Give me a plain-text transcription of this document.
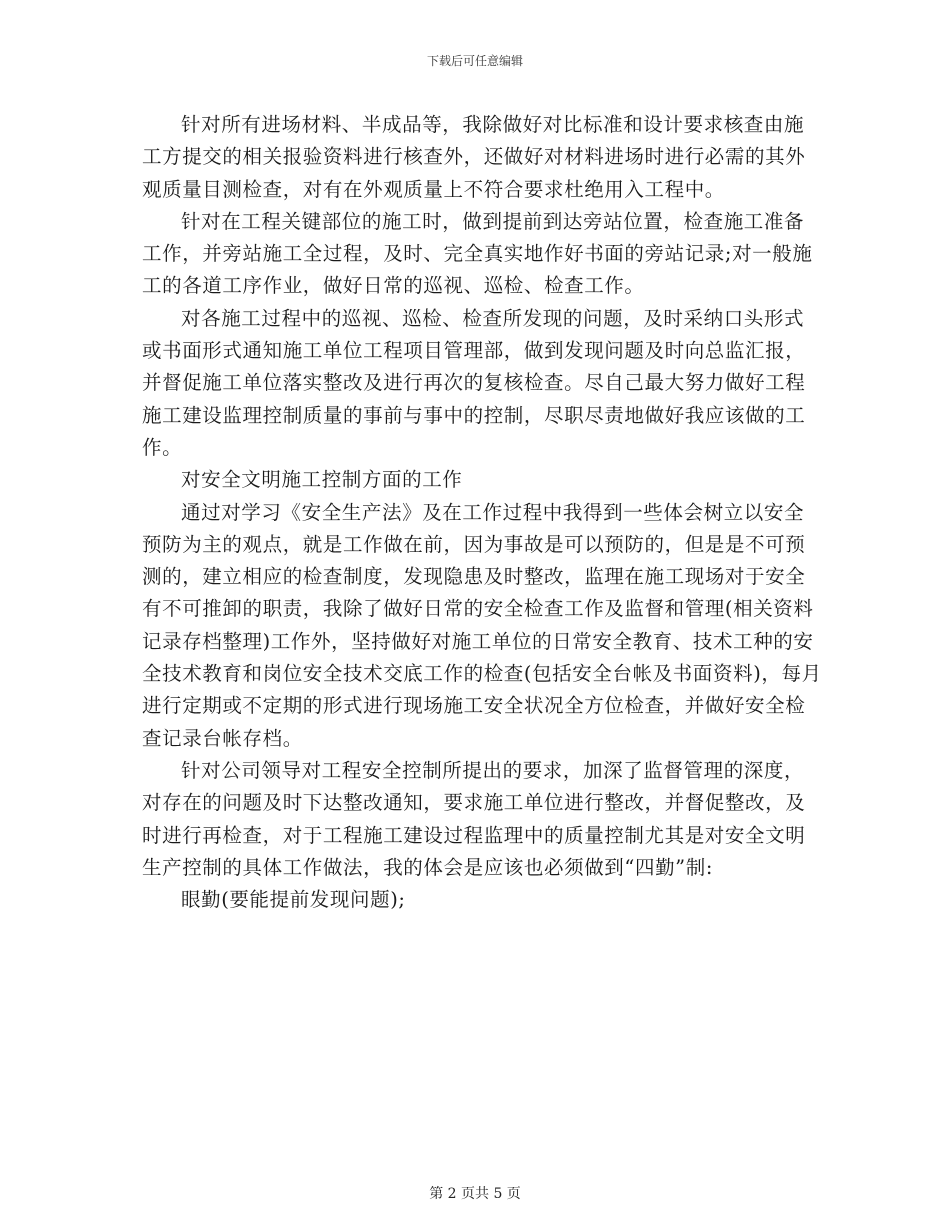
下载后可任意编辑

针对所有进场材料、半成品等，我除做好对比标准和设计要求核查由施工方提交的相关报验资料进行核查外，还做好对材料进场时进行必需的其外观质量目测检查，对有在外观质量上不符合要求杜绝用入工程中。

针对在工程关键部位的施工时，做到提前到达旁站位置，检查施工准备工作，并旁站施工全过程，及时、完全真实地作好书面的旁站记录;对一般施工的各道工序作业，做好日常的巡视、巡检、检查工作。

对各施工过程中的巡视、巡检、检查所发现的问题，及时采纳口头形式或书面形式通知施工单位工程项目管理部，做到发现问题及时向总监汇报，并督促施工单位落实整改及进行再次的复核检查。尽自己最大努力做好工程施工建设监理控制质量的事前与事中的控制，尽职尽责地做好我应该做的工作。

对安全文明施工控制方面的工作

通过对学习《安全生产法》及在工作过程中我得到一些体会树立以安全预防为主的观点，就是工作做在前，因为事故是可以预防的，但是是不可预测的，建立相应的检查制度，发现隐患及时整改，监理在施工现场对于安全有不可推卸的职责，我除了做好日常的安全检查工作及监督和管理(相关资料记录存档整理)工作外，坚持做好对施工单位的日常安全教育、技术工种的安全技术教育和岗位安全技术交底工作的检查(包括安全台帐及书面资料)，每月进行定期或不定期的形式进行现场施工安全状况全方位检查，并做好安全检查记录台帐存档。

针对公司领导对工程安全控制所提出的要求，加深了监督管理的深度，对存在的问题及时下达整改通知，要求施工单位进行整改，并督促整改，及时进行再检查，对于工程施工建设过程监理中的质量控制尤其是对安全文明生产控制的具体工作做法，我的体会是应该也必须做到“四勤”制:

眼勤(要能提前发现问题);

第 2 页共 5 页
